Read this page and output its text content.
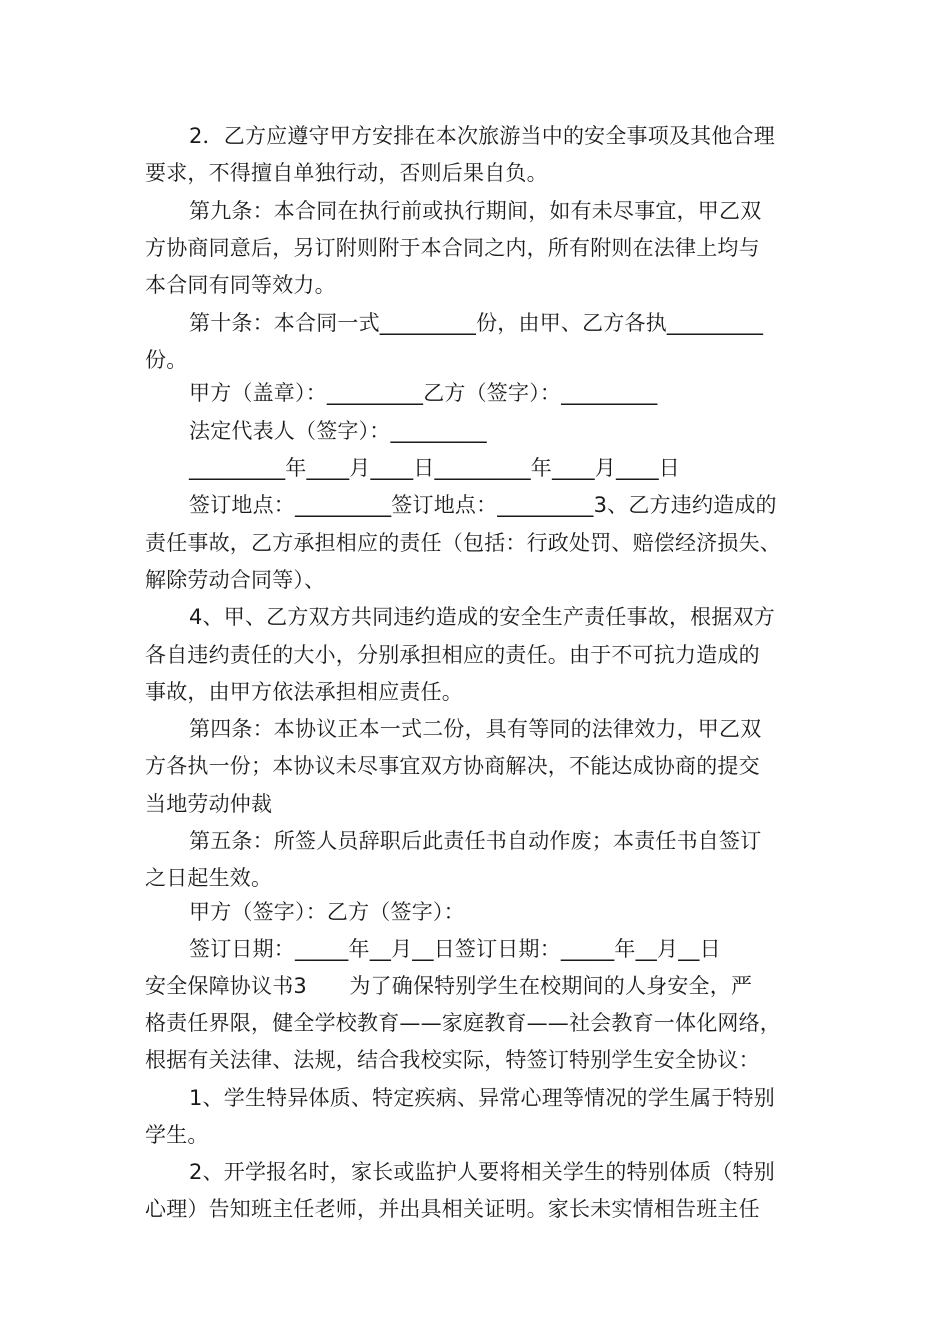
2．乙方应遵守甲方安排在本次旅游当中的安全事项及其他合理
要求，不得擅自单独行动，否则后果自负。
第九条：本合同在执行前或执行期间，如有未尽事宜，甲乙双
方协商同意后，另订附则附于本合同之内，所有附则在法律上均与
本合同有同等效力。
第十条：本合同一式_________份，由甲、乙方各执_________
份。
甲方（盖章）：_________乙方（签字）：_________
法定代表人（签字）：_________
_________年____月____日_________年____月____日
签订地点：_________签订地点：_________3、乙方违约造成的
责任事故，乙方承担相应的责任（包括：行政处罚、赔偿经济损失、
解除劳动合同等）、
4、甲、乙方双方共同违约造成的安全生产责任事故，根据双方
各自违约责任的大小，分别承担相应的责任。由于不可抗力造成的
事故，由甲方依法承担相应责任。
第四条：本协议正本一式二份，具有等同的法律效力，甲乙双
方各执一份；本协议未尽事宜双方协商解决，不能达成协商的提交
当地劳动仲裁
第五条：所签人员辞职后此责任书自动作废；本责任书自签订
之日起生效。
甲方（签字）：乙方（签字）：
签订日期：_____年__月__日签订日期：_____年__月__日
安全保障协议书3　　为了确保特别学生在校期间的人身安全，严
格责任界限，健全学校教育——家庭教育——社会教育一体化网络，
根据有关法律、法规，结合我校实际，特签订特别学生安全协议：
1、学生特异体质、特定疾病、异常心理等情况的学生属于特别
学生。
2、开学报名时，家长或监护人要将相关学生的特别体质（特别
心理）告知班主任老师，并出具相关证明。家长未实情相告班主任
